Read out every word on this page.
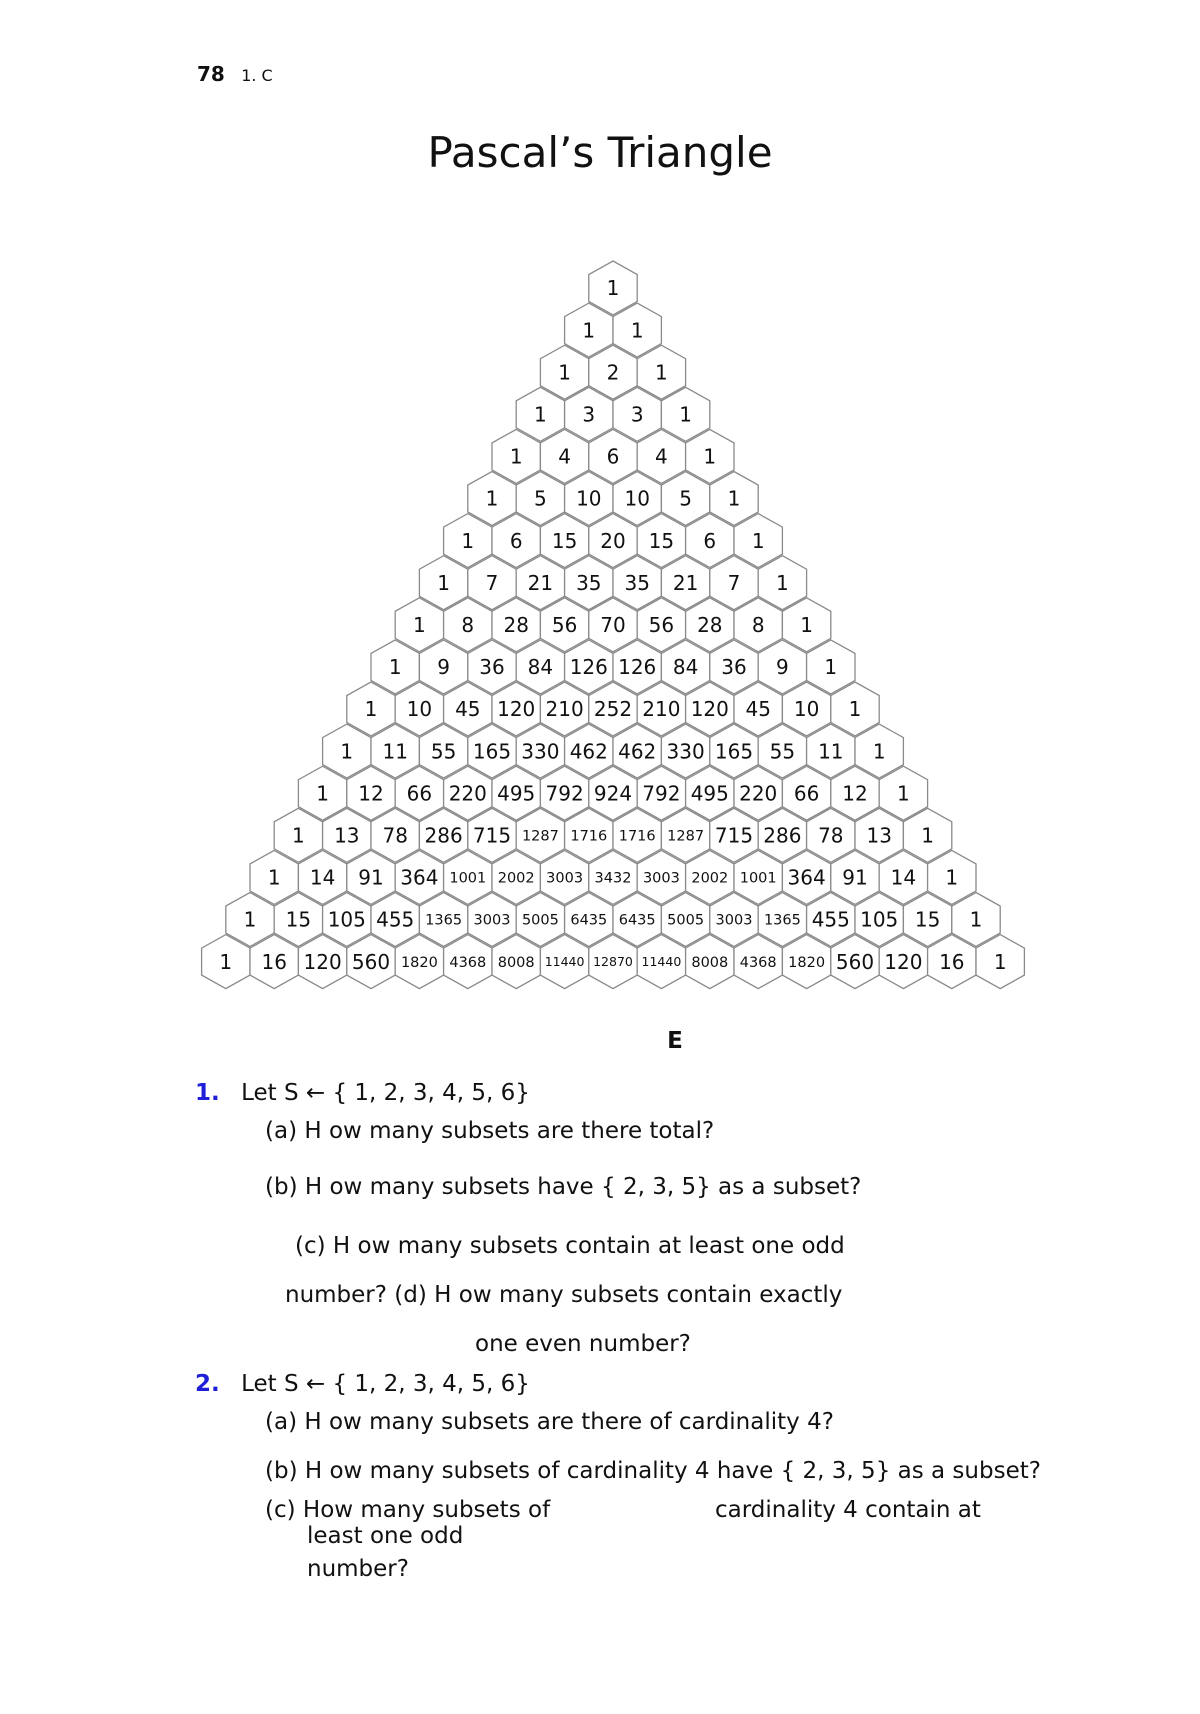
78 1. C
Pascal’s Triangle
1
1 1
1 2 1
1 3 3 1
1 4 6 4 1
1 5 10 10 5 1
1 6 15 20 15 6 1
1 7 21 35 35 21 7 1
1 8 28 56 70 56 28 8 1
1 9 36 84 126 126 84 36 9 1
1 10 45 120 210 252 210 120 45 10 1
1 11 55 165 330 462 462 330 165 55 11 1
1 12 66 220 495 792 924 792 495 220 66 12 1
1 13 78 286 715 1287 1716 1716 1287 715 286 78 13 1
1 14 91 364 1001 2002 3003 3432 3003 2002 1001 364 91 14 1
1 15 105 455 1365 3003 5005 6435 6435 5005 3003 1365 455 105 15 1
1 16 120 560 1820 4368 8008 11440 12870 11440 8008 4368 1820 560 120 16 1
E
1. Let S ← { 1, 2, 3, 4, 5, 6}
(a) H ow many subsets are there total?
(b) H ow many subsets have { 2, 3, 5} as a subset?
(c) H ow many subsets contain at least one odd
number? (d) H ow many subsets contain exactly
one even number?
2. Let S ← { 1, 2, 3, 4, 5, 6}
(a) H ow many subsets are there of cardinality 4?
(b) H ow many subsets of cardinality 4 have { 2, 3, 5} as a subset?
(c) How many subsets of	cardinality 4 contain at
least one odd
number?
